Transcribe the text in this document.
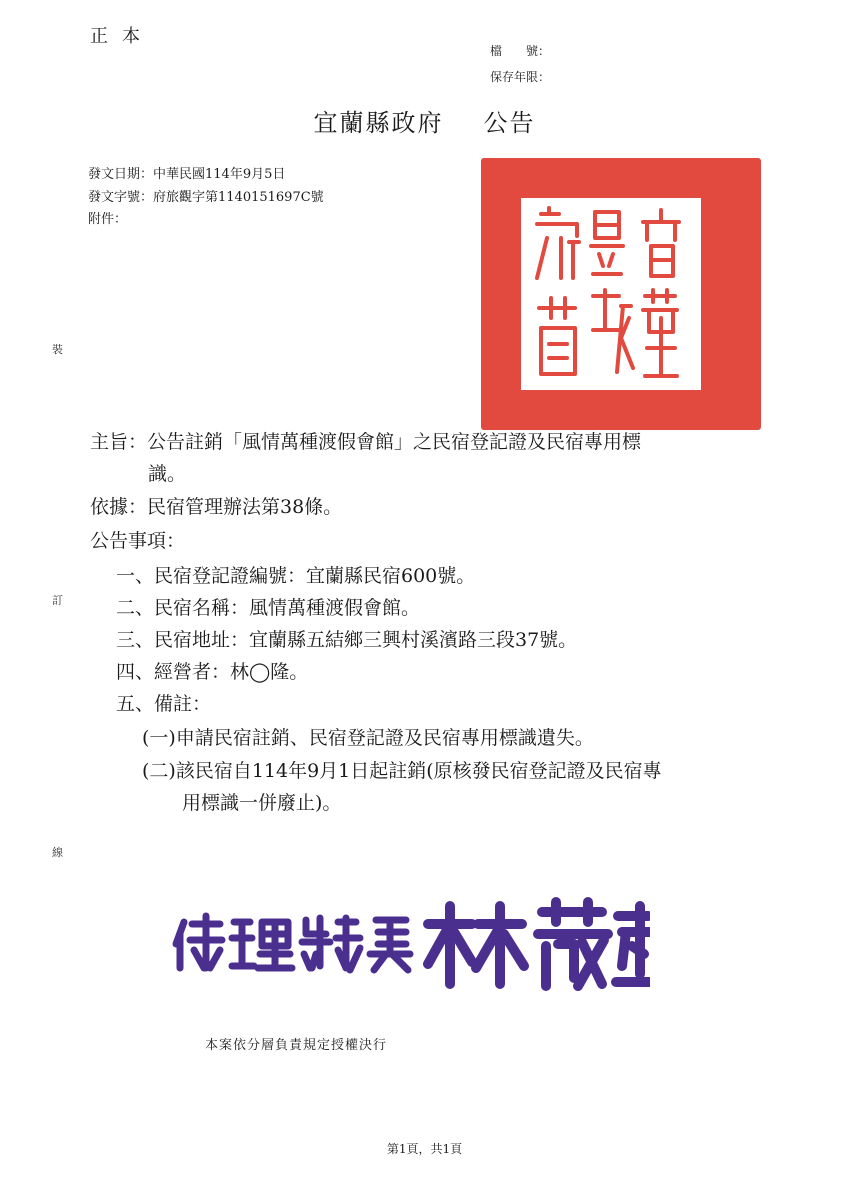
正本
檔　　號：
保存年限：
宜蘭縣政府 公告
發文日期：中華民國114年9月5日
發文字號：府旅觀字第1140151697C號
附件：
裝
訂
線
主旨：公告註銷「風情萬種渡假會館」之民宿登記證及民宿專用標
識。
依據：民宿管理辦法第38條。
公告事項：
一、民宿登記證編號：宜蘭縣民宿600號。
二、民宿名稱：風情萬種渡假會館。
三、民宿地址：宜蘭縣五結鄉三興村溪濱路三段37號。
四、經營者：林◯隆。
五、備註：
(一)申請民宿註銷、民宿登記證及民宿專用標識遺失。
(二)該民宿自114年9月1日起註銷(原核發民宿登記證及民宿專
用標識一併廢止)。
本案依分層負責規定授權決行
第1頁，共1頁
